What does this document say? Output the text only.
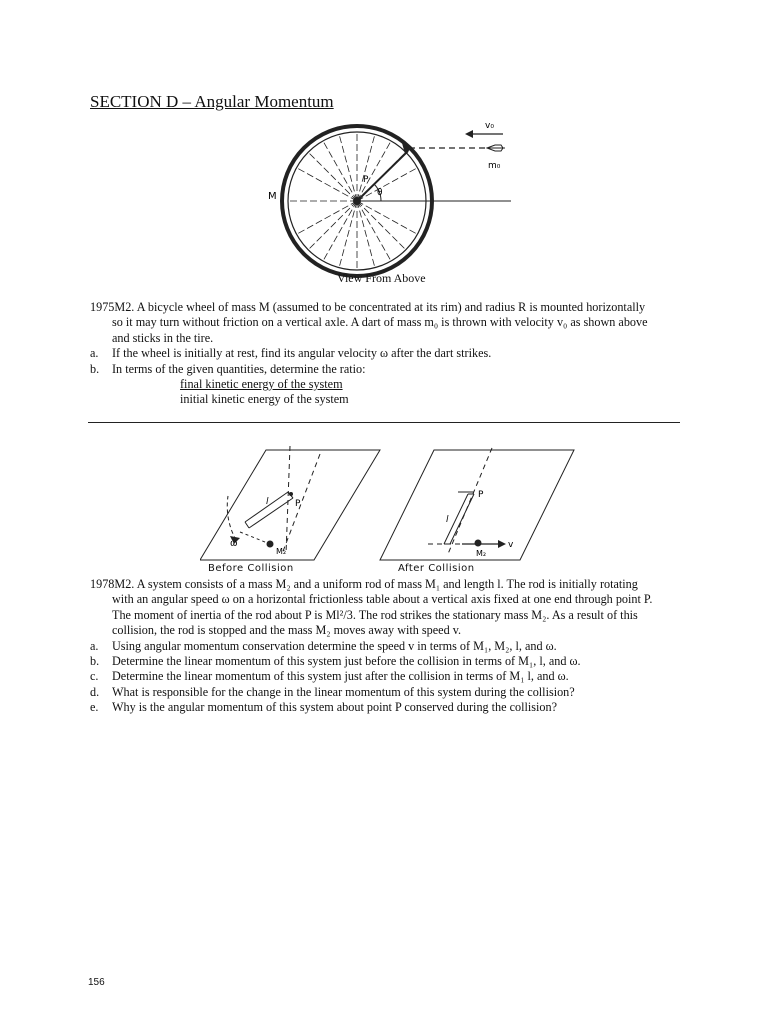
SECTION D – Angular Momentum
v₀
m₀
M
P
θ
View From Above
1975M2. A bicycle wheel of mass M (assumed to be concentrated at its rim) and radius R is mounted horizontally
so it may turn without friction on a vertical axle. A dart of mass m₀ is thrown with velocity v₀ as shown above
and sticks in the tire.
a.	If the wheel is initially at rest, find its angular velocity ω after the dart strikes.
b.	In terms of the given quantities, determine the ratio:
final kinetic energy of the system
initial kinetic energy of the system
P
l
ω
M₂
P
l
M₂
v
Before Collision	After Collision
1978M2. A system consists of a mass M₂ and a uniform rod of mass M₁ and length l. The rod is initially rotating
with an angular speed ω on a horizontal frictionless table about a vertical axis fixed at one end through point P.
The moment of inertia of the rod about P is Ml²/3. The rod strikes the stationary mass M₂. As a result of this
collision, the rod is stopped and the mass M₂ moves away with speed v.
a.	Using angular momentum conservation determine the speed v in terms of M₁, M₂, l, and ω.
b.	Determine the linear momentum of this system just before the collision in terms of M₁, l, and ω.
c.	Determine the linear momentum of this system just after the collision in terms of M₁ l, and ω.
d.	What is responsible for the change in the linear momentum of this system during the collision?
e.	Why is the angular momentum of this system about point P conserved during the collision?
156
